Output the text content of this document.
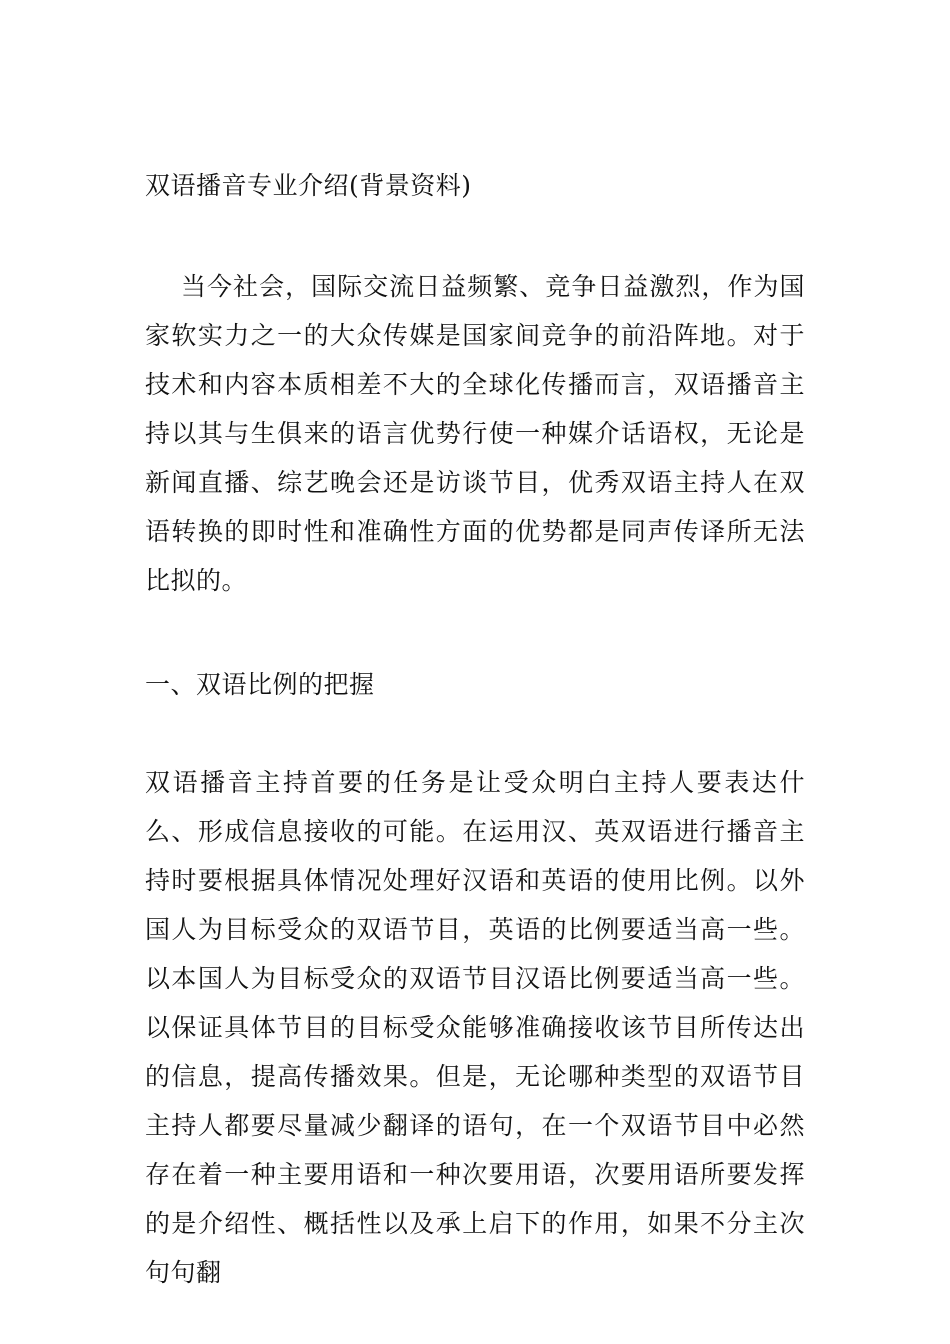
双语播音专业介绍(背景资料)

当今社会，国际交流日益频繁、竞争日益激烈，作为国家软实力之一的大众传媒是国家间竞争的前沿阵地。对于技术和内容本质相差不大的全球化传播而言，双语播音主持以其与生俱来的语言优势行使一种媒介话语权，无论是新闻直播、综艺晚会还是访谈节目，优秀双语主持人在双语转换的即时性和准确性方面的优势都是同声传译所无法比拟的。

一、双语比例的把握

双语播音主持首要的任务是让受众明白主持人要表达什么、形成信息接收的可能。在运用汉、英双语进行播音主持时要根据具体情况处理好汉语和英语的使用比例。以外国人为目标受众的双语节目，英语的比例要适当高一些。以本国人为目标受众的双语节目汉语比例要适当高一些。以保证具体节目的目标受众能够准确接收该节目所传达出的信息，提高传播效果。但是，无论哪种类型的双语节目主持人都要尽量减少翻译的语句，在一个双语节目中必然存在着一种主要用语和一种次要用语，次要用语所要发挥的是介绍性、概括性以及承上启下的作用，如果不分主次句句翻
